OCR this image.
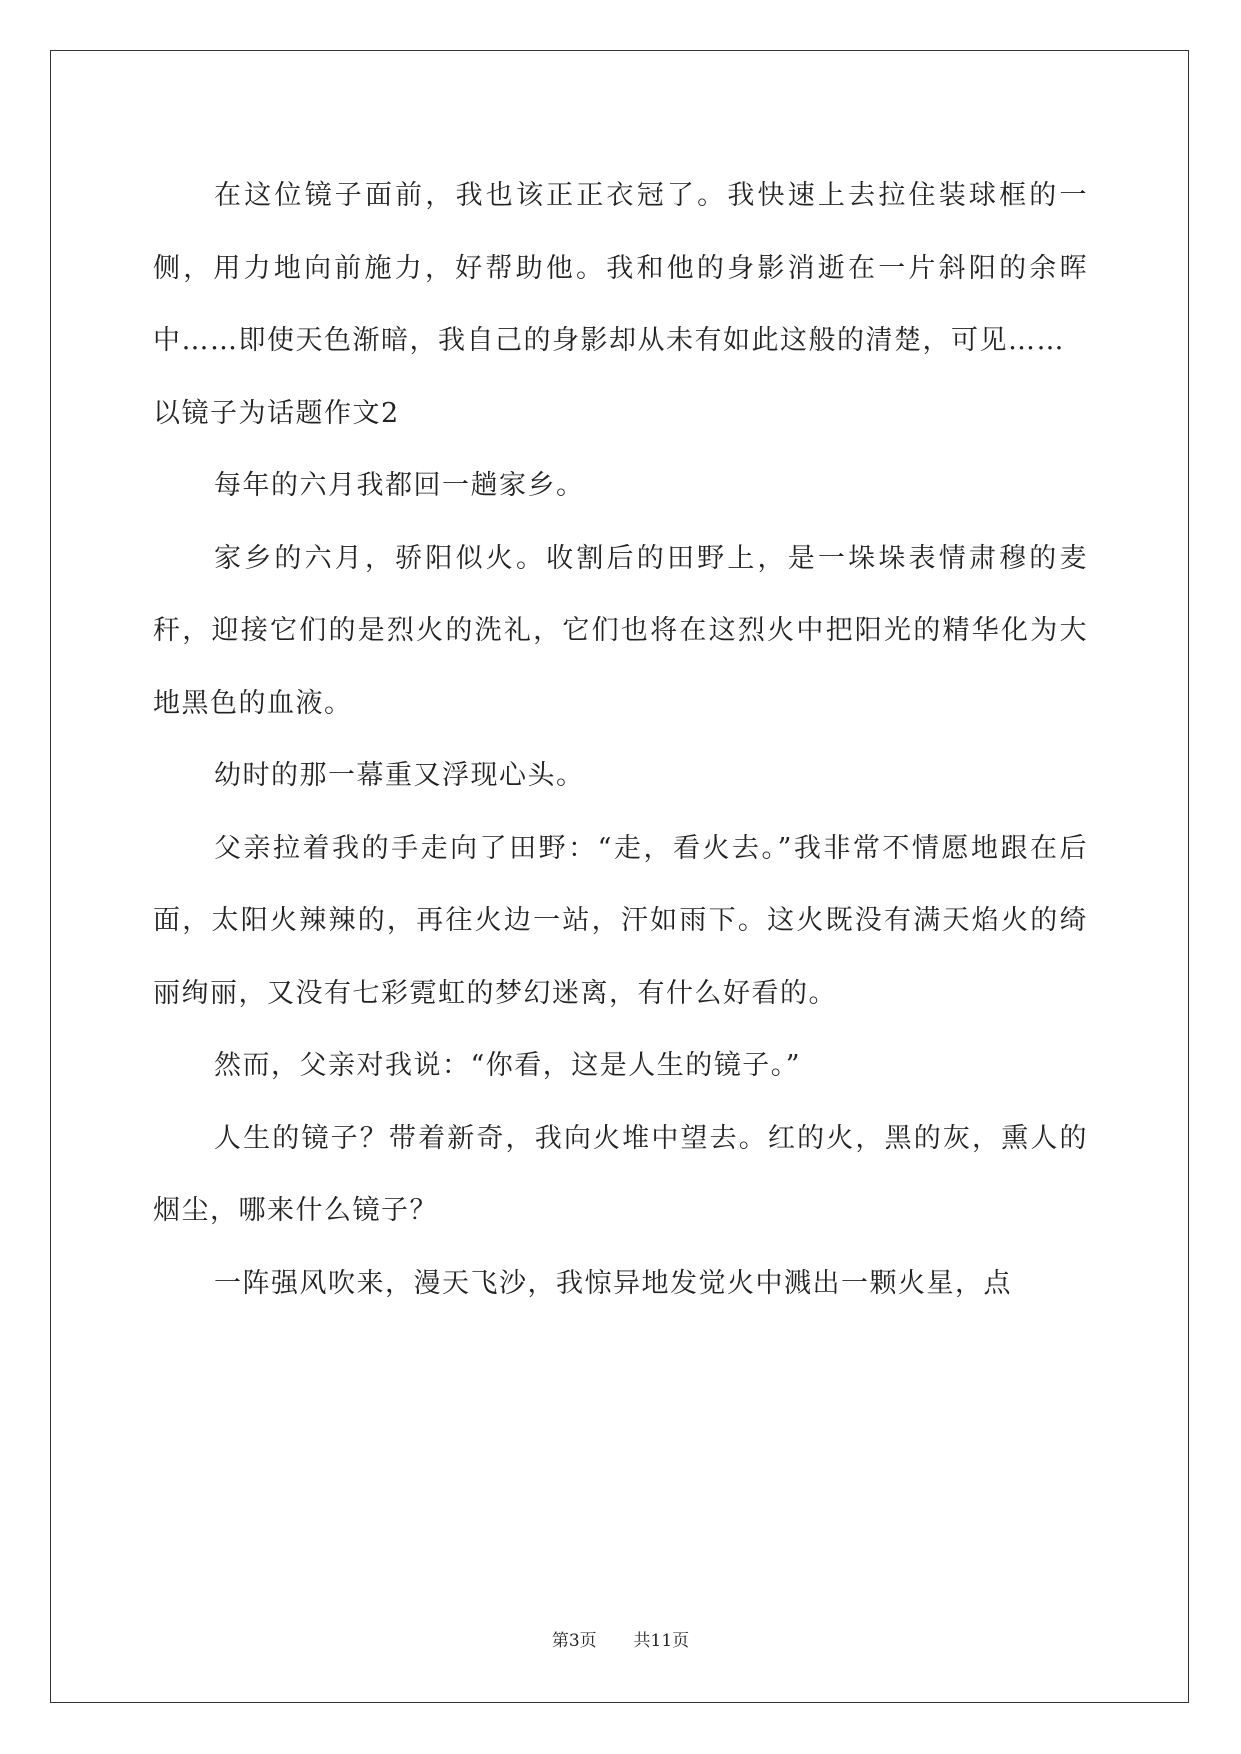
在这位镜子面前，我也该正正衣冠了。我快速上去拉住装球框的一侧，用力地向前施力，好帮助他。我和他的身影消逝在一片斜阳的余晖中……即使天色渐暗，我自己的身影却从未有如此这般的清楚，可见……

以镜子为话题作文2

每年的六月我都回一趟家乡。

家乡的六月，骄阳似火。收割后的田野上，是一垛垛表情肃穆的麦秆，迎接它们的是烈火的洗礼，它们也将在这烈火中把阳光的精华化为大地黑色的血液。

幼时的那一幕重又浮现心头。

父亲拉着我的手走向了田野：“走，看火去。”我非常不情愿地跟在后面，太阳火辣辣的，再往火边一站，汗如雨下。这火既没有满天焰火的绮丽绚丽，又没有七彩霓虹的梦幻迷离，有什么好看的。

然而，父亲对我说：“你看，这是人生的镜子。”

人生的镜子？带着新奇，我向火堆中望去。红的火，黑的灰，熏人的烟尘，哪来什么镜子？

一阵强风吹来，漫天飞沙，我惊异地发觉火中溅出一颗火星，点

第3页 共11页
